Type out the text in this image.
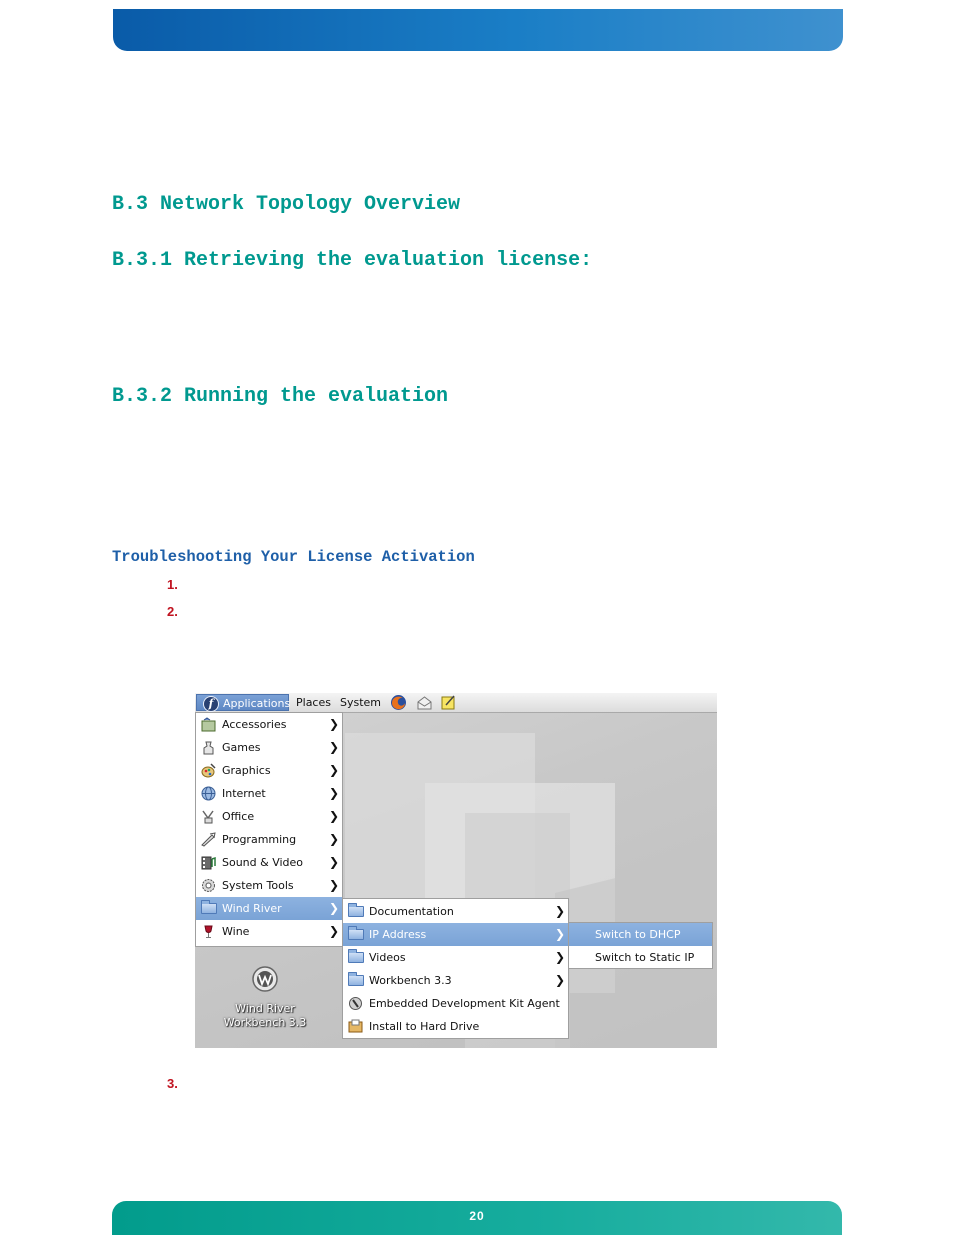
B.3 Network Topology Overview
B.3.1 Retrieving the evaluation license:
B.3.2 Running the evaluation
Troubleshooting Your License Activation
1.
2.
3.
f Applications Places System
Wind River
Workbench 3.3
Accessories	❯
Games	❯
Graphics	❯
Internet	❯
Office	❯
Programming	❯
Sound & Video ❯
System Tools	❯
Wind River	❯
Wine	❯
Documentation	❯
IP Address	❯
Videos	❯
Workbench 3.3	❯
Embedded Development Kit Agent
Install to Hard Drive
Switch to DHCP
Switch to Static IP
20
